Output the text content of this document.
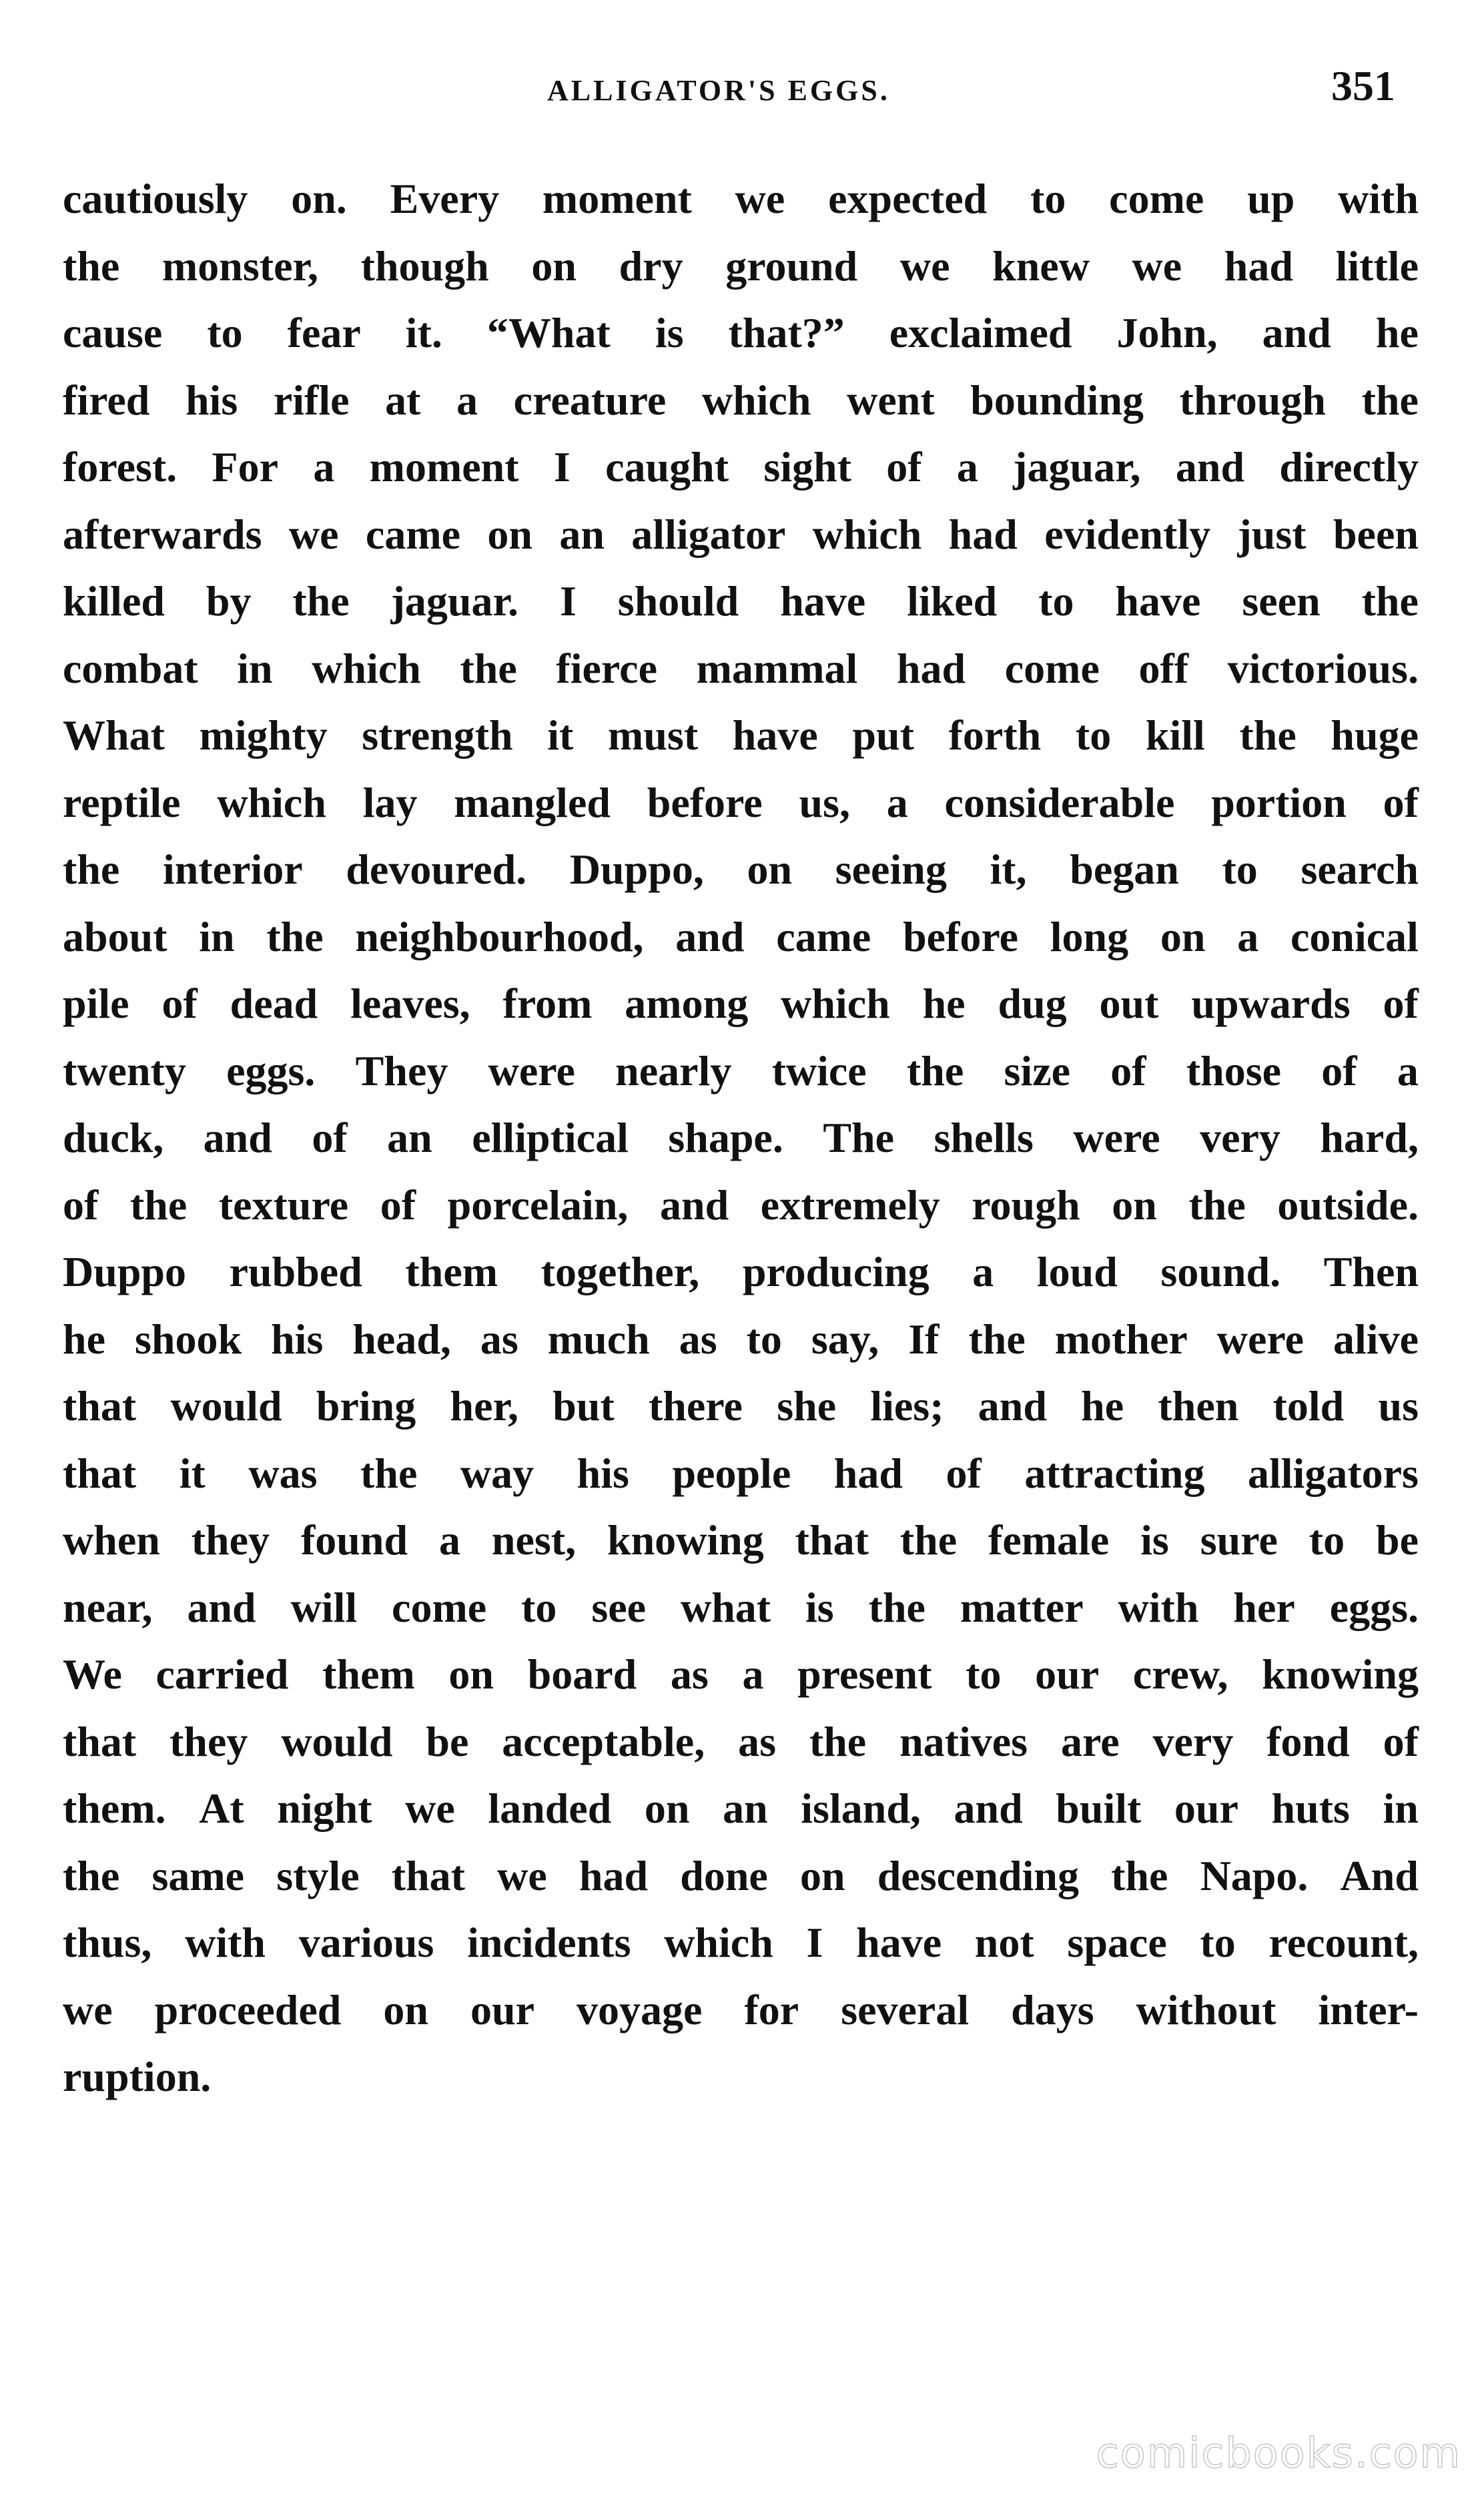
ALLIGATOR'S EGGS.	351
cautiously on. Every moment we expected to come up with
the monster, though on dry ground we knew we had little
cause to fear it. “What is that?” exclaimed John, and he
fired his rifle at a creature which went bounding through the
forest. For a moment I caught sight of a jaguar, and directly
afterwards we came on an alligator which had evidently just been
killed by the jaguar. I should have liked to have seen the
combat in which the fierce mammal had come off victorious.
What mighty strength it must have put forth to kill the huge
reptile which lay mangled before us, a considerable portion of
the interior devoured. Duppo, on seeing it, began to search
about in the neighbourhood, and came before long on a conical
pile of dead leaves, from among which he dug out upwards of
twenty eggs. They were nearly twice the size of those of a
duck, and of an elliptical shape. The shells were very hard,
of the texture of porcelain, and extremely rough on the outside.
Duppo rubbed them together, producing a loud sound. Then
he shook his head, as much as to say, If the mother were alive
that would bring her, but there she lies; and he then told us
that it was the way his people had of attracting alligators
when they found a nest, knowing that the female is sure to be
near, and will come to see what is the matter with her eggs.
We carried them on board as a present to our crew, knowing
that they would be acceptable, as the natives are very fond of
them. At night we landed on an island, and built our huts in
the same style that we had done on descending the Napo. And
thus, with various incidents which I have not space to recount,
we proceeded on our voyage for several days without inter-
ruption.
comicbooks.com
